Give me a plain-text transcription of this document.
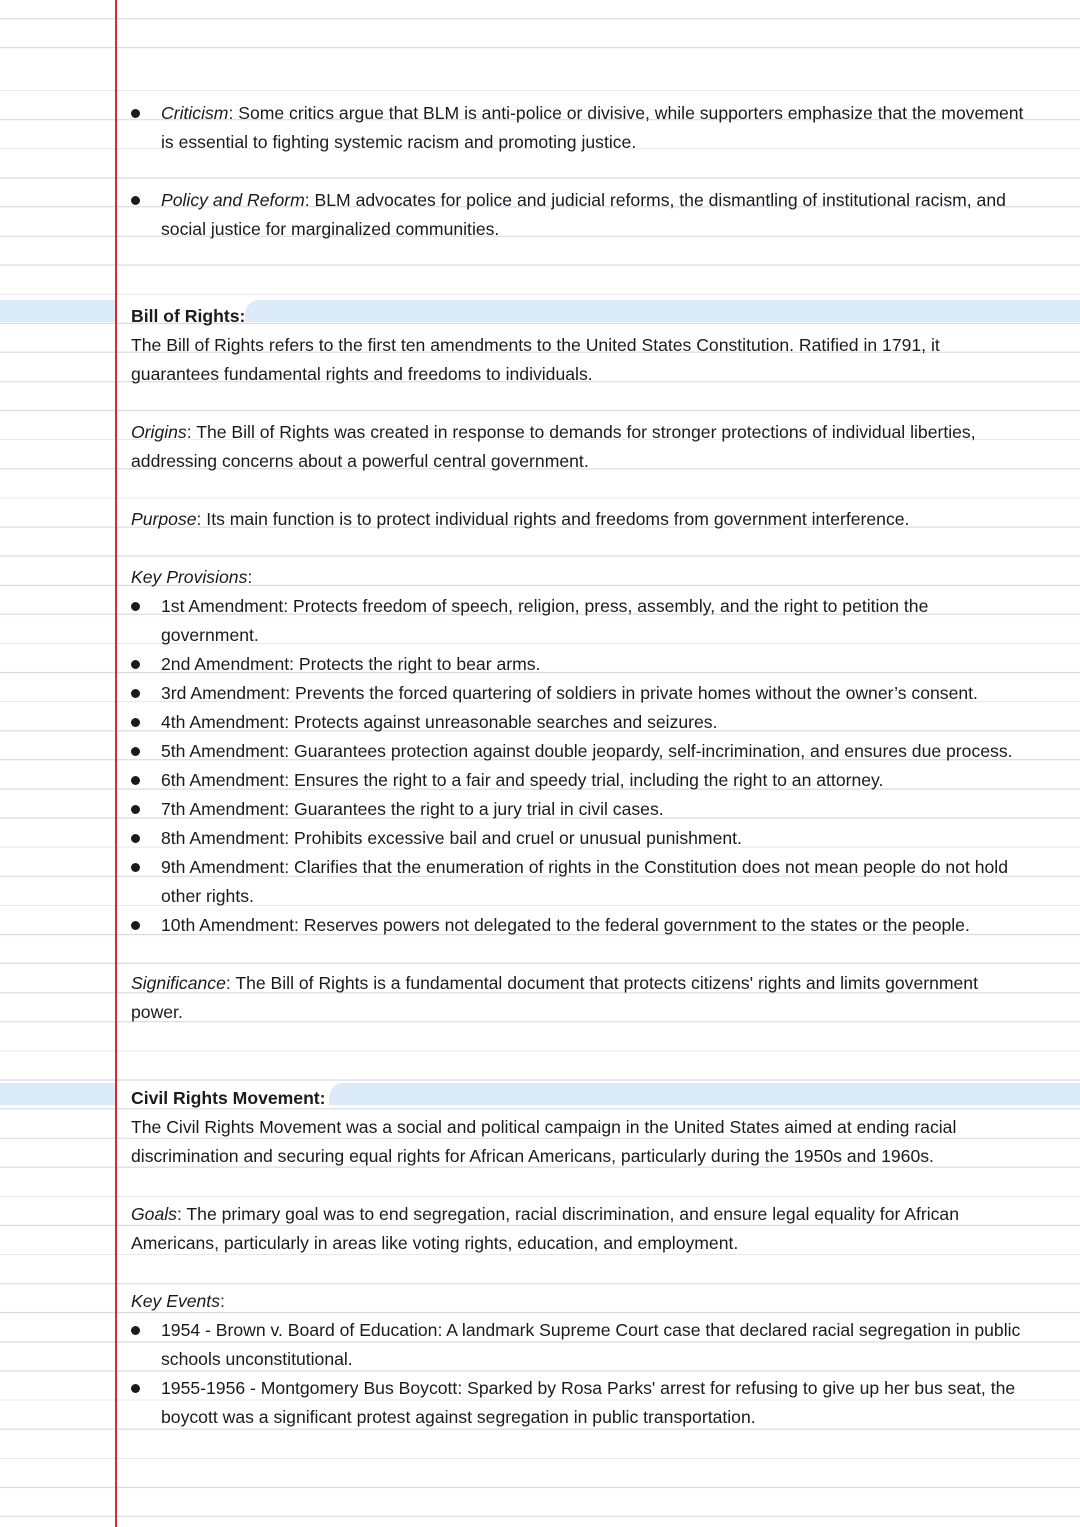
Criticism: Some critics argue that BLM is anti-police or divisive, while supporters emphasize that the movement
is essential to fighting systemic racism and promoting justice.
Policy and Reform: BLM advocates for police and judicial reforms, the dismantling of institutional racism, and
social justice for marginalized communities.
Bill of Rights:
The Bill of Rights refers to the first ten amendments to the United States Constitution. Ratified in 1791, it
guarantees fundamental rights and freedoms to individuals.
Origins: The Bill of Rights was created in response to demands for stronger protections of individual liberties,
addressing concerns about a powerful central government.
Purpose: Its main function is to protect individual rights and freedoms from government interference.
Key Provisions:
1st Amendment: Protects freedom of speech, religion, press, assembly, and the right to petition the
government.
2nd Amendment: Protects the right to bear arms.
3rd Amendment: Prevents the forced quartering of soldiers in private homes without the owner’s consent.
4th Amendment: Protects against unreasonable searches and seizures.
5th Amendment: Guarantees protection against double jeopardy, self-incrimination, and ensures due process.
6th Amendment: Ensures the right to a fair and speedy trial, including the right to an attorney.
7th Amendment: Guarantees the right to a jury trial in civil cases.
8th Amendment: Prohibits excessive bail and cruel or unusual punishment.
9th Amendment: Clarifies that the enumeration of rights in the Constitution does not mean people do not hold
other rights.
10th Amendment: Reserves powers not delegated to the federal government to the states or the people.
Significance: The Bill of Rights is a fundamental document that protects citizens' rights and limits government
power.
Civil Rights Movement:
The Civil Rights Movement was a social and political campaign in the United States aimed at ending racial
discrimination and securing equal rights for African Americans, particularly during the 1950s and 1960s.
Goals: The primary goal was to end segregation, racial discrimination, and ensure legal equality for African
Americans, particularly in areas like voting rights, education, and employment.
Key Events:
1954 - Brown v. Board of Education: A landmark Supreme Court case that declared racial segregation in public
schools unconstitutional.
1955-1956 - Montgomery Bus Boycott: Sparked by Rosa Parks' arrest for refusing to give up her bus seat, the
boycott was a significant protest against segregation in public transportation.
